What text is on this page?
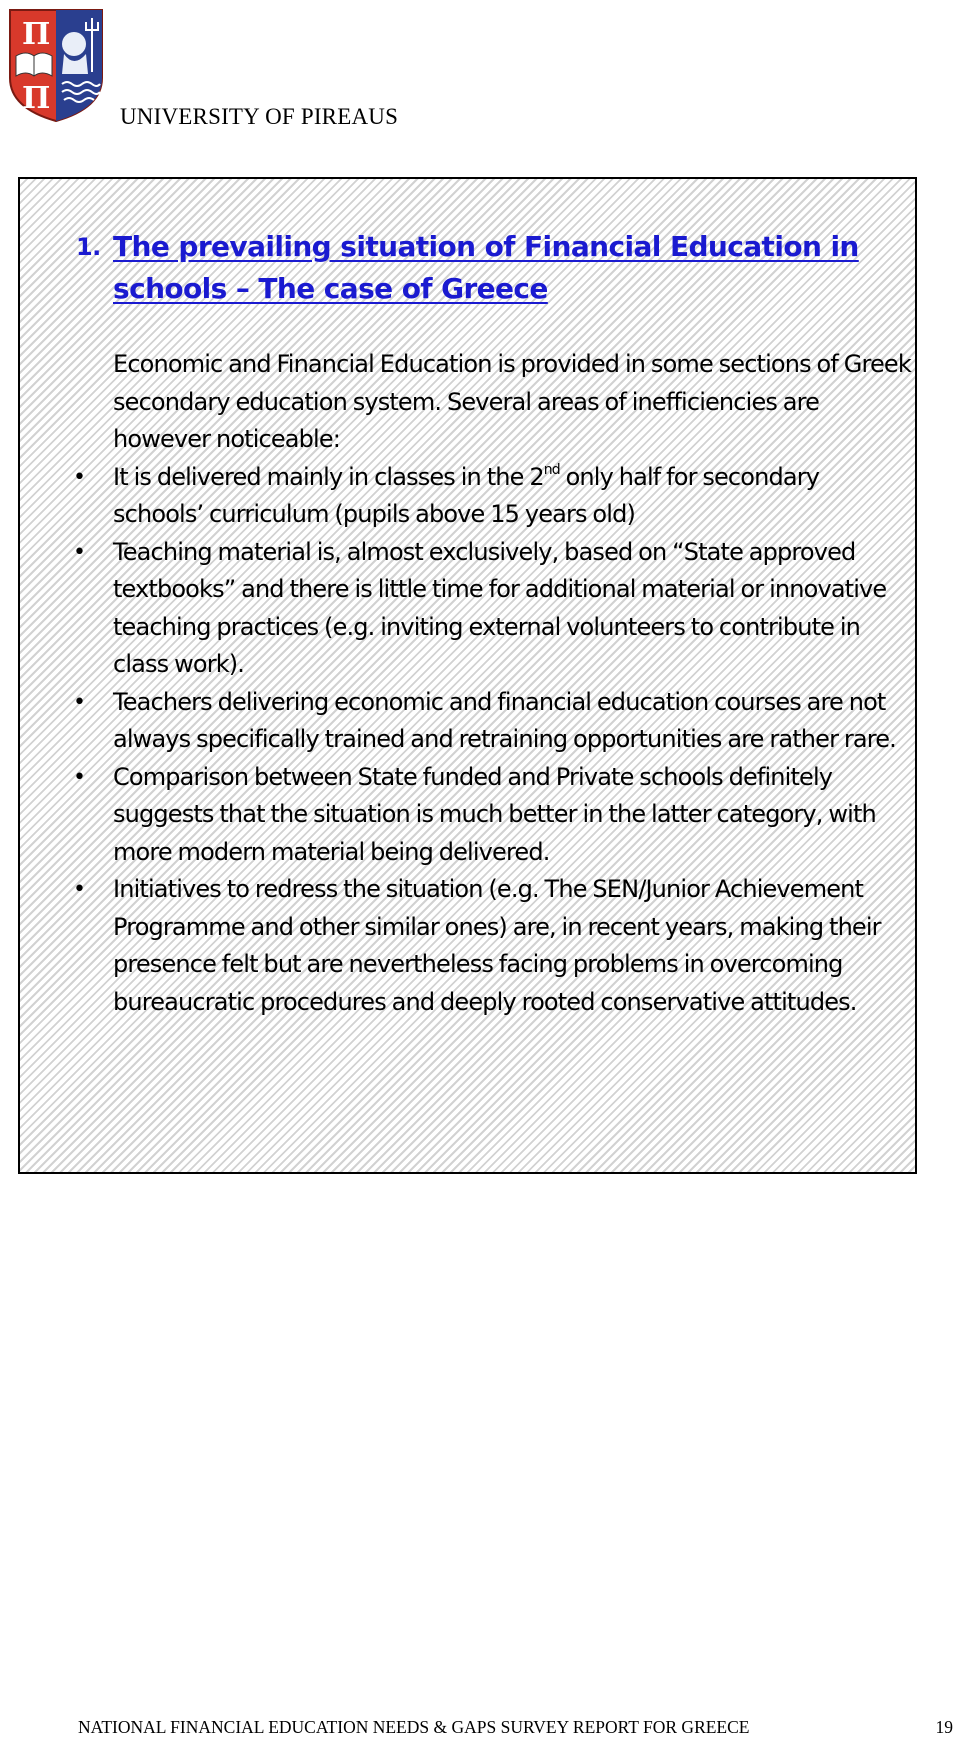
Π
Π
UNIVERSITY OF PIREAUS
1. The prevailing situation of Financial Education in schools – The case of Greece

Economic and Financial Education is provided in some sections of Greek secondary education system. Several areas of inefficiencies are however noticeable:

• It is delivered mainly in classes in the 2nd only half for secondary schools’ curriculum (pupils above 15 years old)
• Teaching material is, almost exclusively, based on “State approved textbooks” and there is little time for additional material or innovative teaching practices (e.g. inviting external volunteers to contribute in class work).
• Teachers delivering economic and financial education courses are not always specifically trained and retraining opportunities are rather rare.
• Comparison between State funded and Private schools definitely suggests that the situation is much better in the latter category, with more modern material being delivered.
• Initiatives to redress the situation (e.g. The SEN/Junior Achievement Programme and other similar ones) are, in recent years, making their presence felt but are nevertheless facing problems in overcoming bureaucratic procedures and deeply rooted conservative attitudes.
NATIONAL FINANCIAL EDUCATION NEEDS & GAPS SURVEY REPORT FOR GREECE	19
